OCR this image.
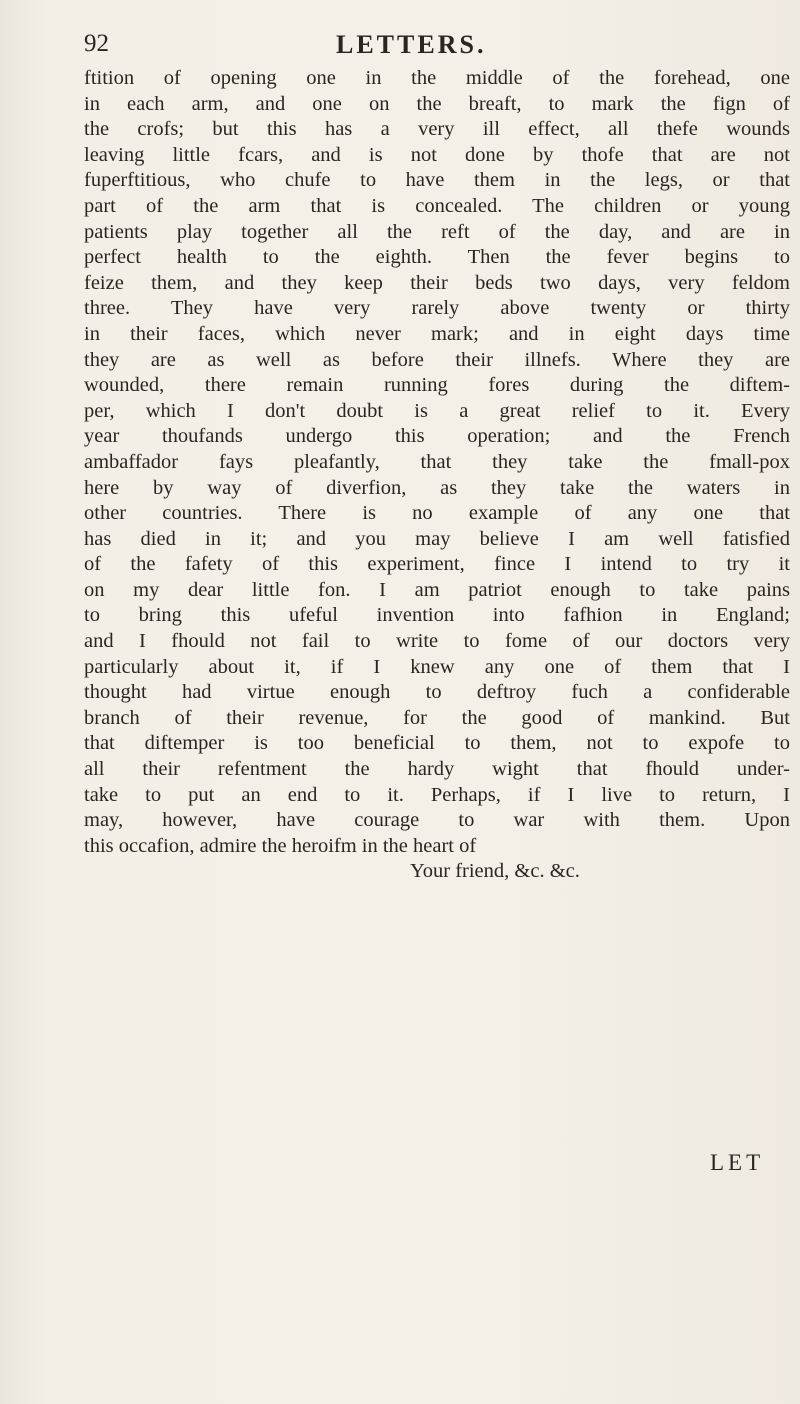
92	LETTERS.
ftition of opening one in the middle of the forehead, one
in each arm, and one on the breaft, to mark the fign of
the crofs; but this has a very ill effect, all thefe wounds
leaving little fcars, and is not done by thofe that are not
fuperftitious, who chufe to have them in the legs, or that
part of the arm that is concealed. The children or young
patients play together all the reft of the day, and are in
perfect health to the eighth. Then the fever begins to
feize them, and they keep their beds two days, very feldom
three. They have very rarely above twenty or thirty
in their faces, which never mark; and in eight days time
they are as well as before their illnefs. Where they are
wounded, there remain running fores during the diftem-
per, which I don't doubt is a great relief to it. Every
year thoufands undergo this operation; and the French
ambaffador fays pleafantly, that they take the fmall-pox
here by way of diverfion, as they take the waters in
other countries. There is no example of any one that
has died in it; and you may believe I am well fatisfied
of the fafety of this experiment, fince I intend to try it
on my dear little fon. I am patriot enough to take pains
to bring this ufeful invention into fafhion in England;
and I fhould not fail to write to fome of our doctors very
particularly about it, if I knew any one of them that I
thought had virtue enough to deftroy fuch a confiderable
branch of their revenue, for the good of mankind. But
that diftemper is too beneficial to them, not to expofe to
all their refentment the hardy wight that fhould under-
take to put an end to it. Perhaps, if I live to return, I
may, however, have courage to war with them. Upon
this occafion, admire the heroifm in the heart of
Your friend, &c. &c.
LET
